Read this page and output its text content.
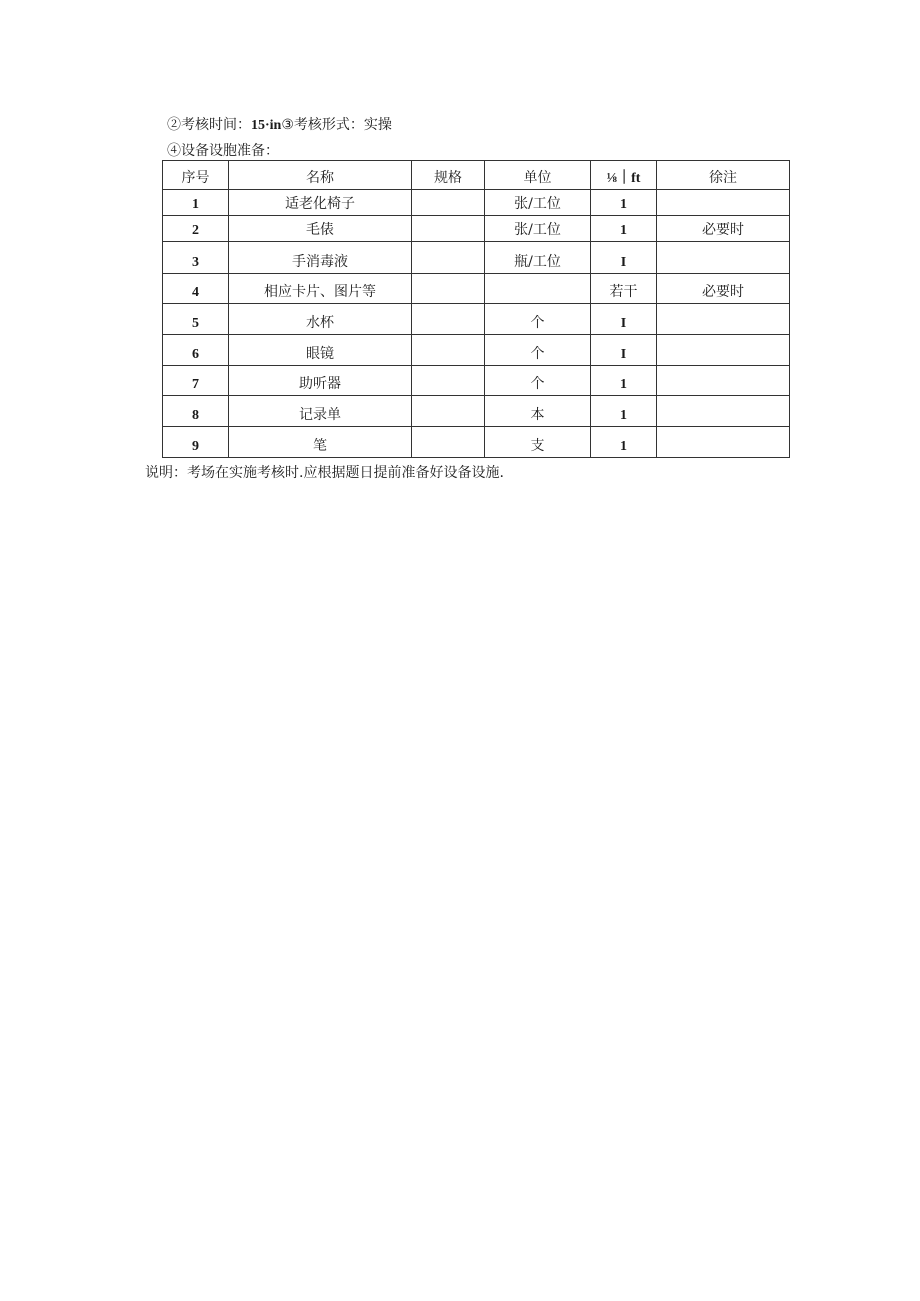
②考核时间：15·in③考核形式：实操
④设备设胞准备：
序号	名称	规格	单位	⅛｜ft	徐注
1	适老化椅子		张/工位	1	
2	毛俵		张/工位	1	必要时
3	手消毒液		瓶/工位	I	
4	相应卡片、图片等			若干	必要时
5	水杯		个	I	
6	眼镜		个	I	
7	助听器		个	1	
8	记录单		本	1	
9	笔		支	1	
说明：考场在实施考核时.应根据题日提前准备好设备设施.
